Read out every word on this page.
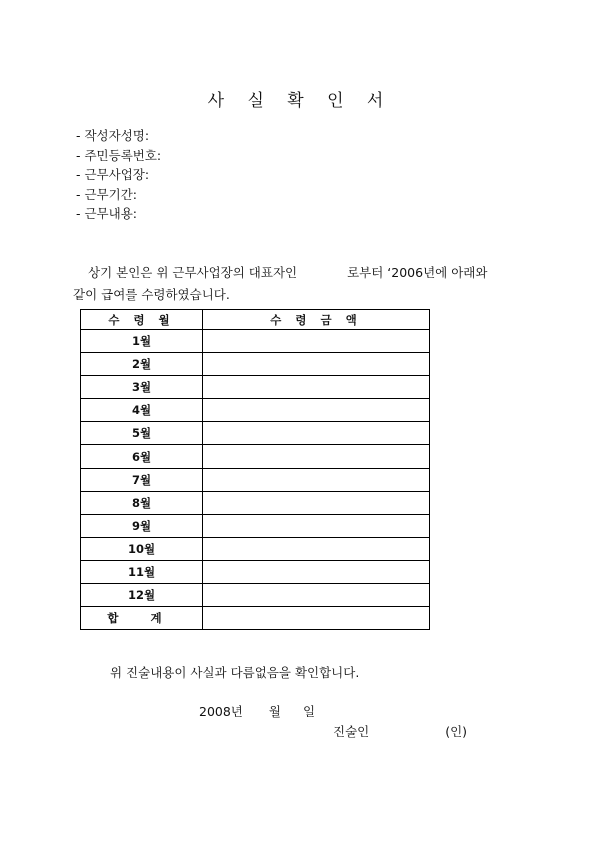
사 실 확 인 서
- 작성자성명:
- 주민등록번호:
- 근무사업장:
- 근무기간:
- 근무내용:
상기 본인은 위 근무사업장의 대표자인	로부터 ‘2006년에 아래와
같이 급여를 수령하였습니다.
수 령 월	수 령 금 액
1월	
2월	
3월	
4월	
5월	
6월	
7월	
8월	
9월	
10월	
11월	
12월	
합 계	
위 진술내용이 사실과 다름없음을 확인합니다.
2008년 월 일
진술인	(인)
